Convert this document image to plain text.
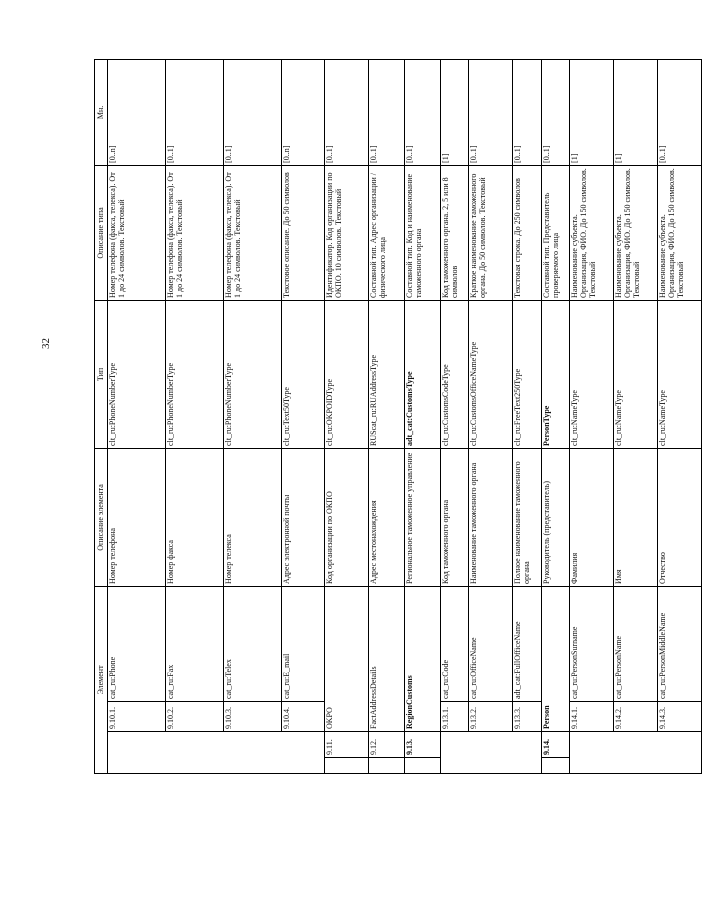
32
Элемент				Описание элемента	Тип	Описание типа	Мн.
		9.10.1.	cat_ru:Phone	Номер телефона	clt_ru:PhoneNumberType	Номер телефона (факса, телекса). От 1 до 24 символов. Текстовый	[0..n]
		9.10.2.	cat_ru:Fax	Номер факса	clt_ru:PhoneNumberType	Номер телефона (факса, телекса). От 1 до 24 символов. Текстовый	[0..1]
		9.10.3.	cat_ru:Telex	Номер телекса	clt_ru:PhoneNumberType	Номер телефона (факса, телекса). От 1 до 24 символов. Текстовый	[0..1]
		9.10.4.	cat_ru:E_mail	Адрес электронной почты	clt_ru:Text50Type	Текстовое описание. До 50 символов	[0..n]
	9.11.	OKPO		Код организации по ОКПО	clt_ru:OKPOIDType	Идентификатор. Код организации по ОКПО. 10 символов. Текстовый	[0..1]
	9.12.	FactAddressDetails		Адрес местонахождения	RUScat_ru:RUAddressType	Составной тип. Адрес организации / физического лица	[0..1]
	9.13.	RegionCustoms		Региональное таможенное управление	adt_cat:CustomsType	Составной тип. Код и наименование таможенного органа	[0..1]
		9.13.1.	cat_ru:Code	Код таможенного органа	clt_ru:CustomsCodeType	Код таможенного органа. 2, 5 или 8 символов	[1]
		9.13.2.	cat_ru:OfficeName	Наименование таможенного органа	clt_ru:CustomsOfficeNameType	Краткое наименование таможенного органа. До 50 символов. Текстовый	[0..1]
		9.13.3.	adt_cat:FullOfficeName	Полное наименование таможенного органа	clt_ru:FreeText250Type	Текстовая строка. До 250 символов	[0..1]
	9.14.	Person		Руководитель (представитель)	PersonType	Составной тип. Представитель проверяемого лица	[0..1]
		9.14.1.	cat_ru:PersonSurname	Фамилия	clt_ru:NameType	Наименование субъекта. Организация, ФИО. До 150 символов. Текстовый	[1]
		9.14.2.	cat_ru:PersonName	Имя	clt_ru:NameType	Наименование субъекта. Организация, ФИО. До 150 символов. Текстовый	[1]
		9.14.3.	cat_ru:PersonMiddleName	Отчество	clt_ru:NameType	Наименование субъекта. Организация, ФИО. До 150 символов. Текстовый	[0..1]
